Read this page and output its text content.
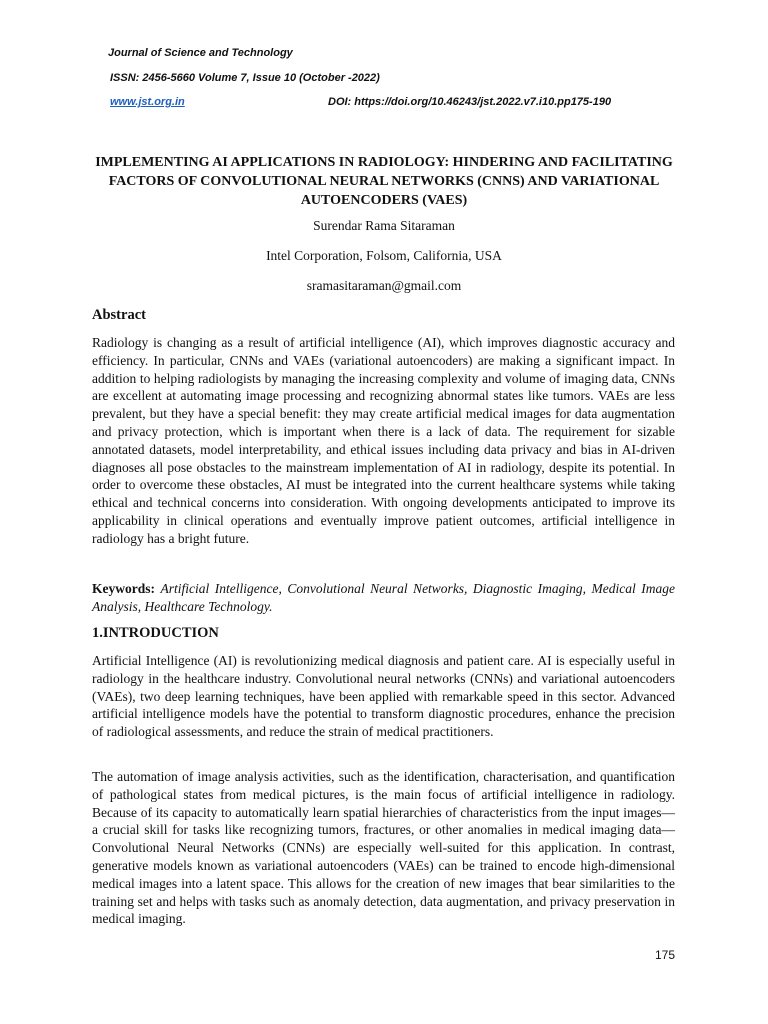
Journal of Science and Technology
ISSN: 2456-5660 Volume 7, Issue 10 (October -2022)
www.jst.org.in	DOI: https://doi.org/10.46243/jst.2022.v7.i10.pp175-190
IMPLEMENTING AI APPLICATIONS IN RADIOLOGY: HINDERING AND FACILITATING FACTORS OF CONVOLUTIONAL NEURAL NETWORKS (CNNS) AND VARIATIONAL AUTOENCODERS (VAES)
Surendar Rama Sitaraman
Intel Corporation, Folsom, California, USA
sramasitaraman@gmail.com
Abstract
Radiology is changing as a result of artificial intelligence (AI), which improves diagnostic accuracy and efficiency. In particular, CNNs and VAEs (variational autoencoders) are making a significant impact. In addition to helping radiologists by managing the increasing complexity and volume of imaging data, CNNs are excellent at automating image processing and recognizing abnormal states like tumors. VAEs are less prevalent, but they have a special benefit: they may create artificial medical images for data augmentation and privacy protection, which is important when there is a lack of data. The requirement for sizable annotated datasets, model interpretability, and ethical issues including data privacy and bias in AI-driven diagnoses all pose obstacles to the mainstream implementation of AI in radiology, despite its potential. In order to overcome these obstacles, AI must be integrated into the current healthcare systems while taking ethical and technical concerns into consideration. With ongoing developments anticipated to improve its applicability in clinical operations and eventually improve patient outcomes, artificial intelligence in radiology has a bright future.
Keywords: Artificial Intelligence, Convolutional Neural Networks, Diagnostic Imaging, Medical Image Analysis, Healthcare Technology.
1.INTRODUCTION
Artificial Intelligence (AI) is revolutionizing medical diagnosis and patient care. AI is especially useful in radiology in the healthcare industry. Convolutional neural networks (CNNs) and variational autoencoders (VAEs), two deep learning techniques, have been applied with remarkable speed in this sector. Advanced artificial intelligence models have the potential to transform diagnostic procedures, enhance the precision of radiological assessments, and reduce the strain of medical practitioners.
The automation of image analysis activities, such as the identification, characterisation, and quantification of pathological states from medical pictures, is the main focus of artificial intelligence in radiology. Because of its capacity to automatically learn spatial hierarchies of characteristics from the input images—a crucial skill for tasks like recognizing tumors, fractures, or other anomalies in medical imaging data—Convolutional Neural Networks (CNNs) are especially well-suited for this application. In contrast, generative models known as variational autoencoders (VAEs) can be trained to encode high-dimensional medical images into a latent space. This allows for the creation of new images that bear similarities to the training set and helps with tasks such as anomaly detection, data augmentation, and privacy preservation in medical imaging.
175
